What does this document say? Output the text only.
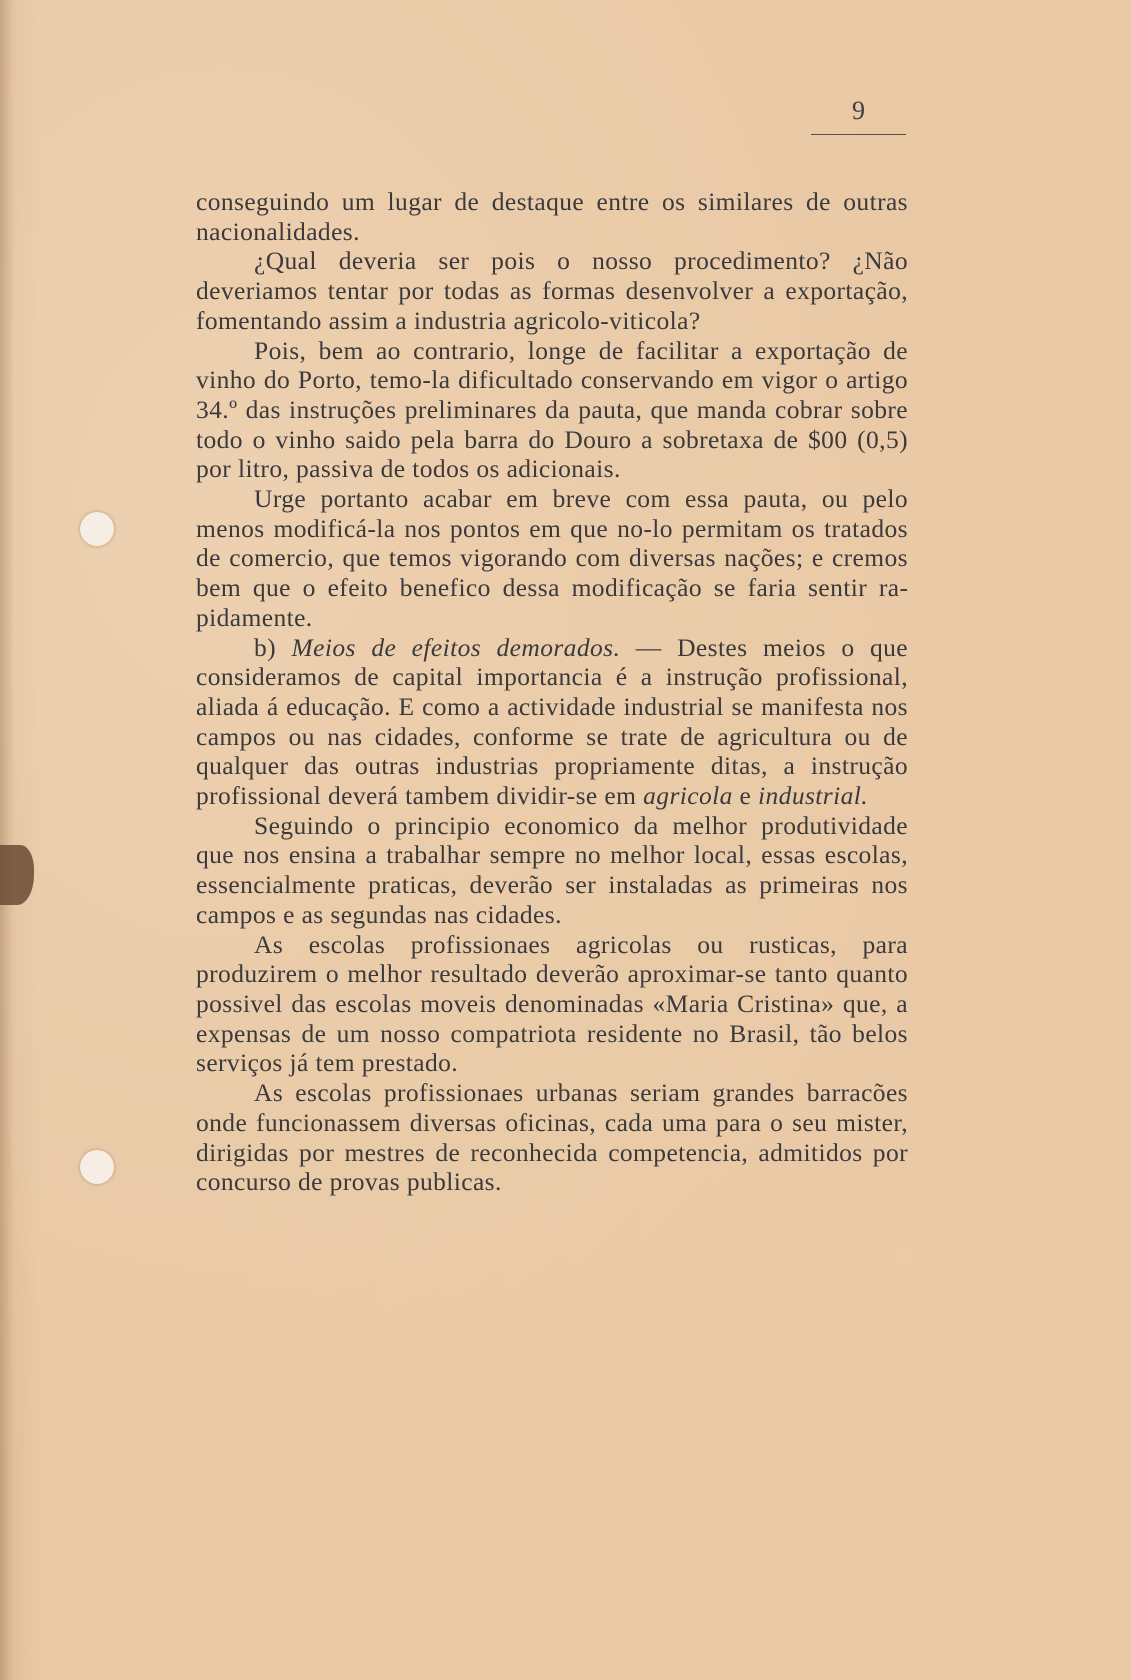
9

conseguindo um lugar de destaque entre os similares de outras nacionalidades.

¿Qual deveria ser pois o nosso procedimento? ¿Não deveriamos tentar por todas as formas desenvolver a exportação, fomentando assim a industria agricolo-viticola?

Pois, bem ao contrario, longe de facilitar a exportação de vinho do Porto, temo-la dificultado conservando em vigor o artigo 34.º das instruções preliminares da pauta, que manda cobrar sobre todo o vinho saido pela barra do Douro a sobretaxa de $00 (0,5) por litro, passiva de todos os adicionais.

Urge portanto acabar em breve com essa pauta, ou pelo menos modificá-la nos pontos em que no-lo permitam os tratados de comercio, que temos vigorando com diversas nações; e cremos bem que o efeito benefico dessa modificação se faria sentir rapidamente.

b) Meios de efeitos demorados. — Destes meios o que consideramos de capital importancia é a instrução profissional, aliada á educação. E como a actividade industrial se manifesta nos campos ou nas cidades, conforme se trate de agricultura ou de qualquer das outras industrias propriamente ditas, a instrução profissional deverá tambem dividir-se em agricola e industrial.

Seguindo o principio economico da melhor produtividade que nos ensina a trabalhar sempre no melhor local, essas escolas, essencialmente praticas, deverão ser instaladas as primeiras nos campos e as segundas nas cidades.

As escolas profissionaes agricolas ou rusticas, para produzirem o melhor resultado deverão aproximar-se tanto quanto possivel das escolas moveis denominadas «Maria Cristina» que, a expensas de um nosso compatriota residente no Brasil, tão belos serviços já tem prestado.

As escolas profissionaes urbanas seriam grandes barracões onde funcionassem diversas oficinas, cada uma para o seu mister, dirigidas por mestres de reconhecida competencia, admitidos por concurso de provas publicas.
